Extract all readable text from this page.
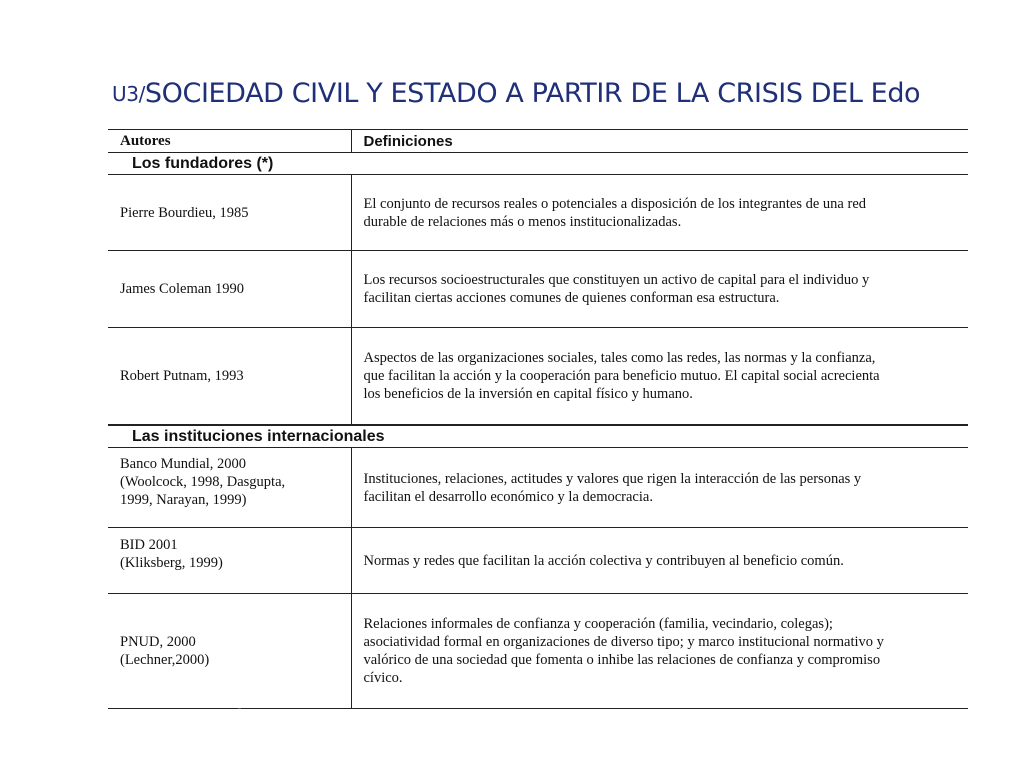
U3/SOCIEDAD CIVIL Y ESTADO A PARTIR DE LA CRISIS DEL Edo
Autores	Definiciones
Los fundadores (*)	
Pierre Bourdieu, 1985	El conjunto de recursos reales o potenciales a disposición de los integrantes de una red
durable de relaciones más o menos institucionalizadas.
James Coleman 1990	Los recursos socioestructurales que constituyen un activo de capital para el individuo y
facilitan ciertas acciones comunes de quienes conforman esa estructura.
Robert Putnam, 1993	Aspectos de las organizaciones sociales, tales como las redes, las normas y la confianza,
que facilitan la acción y la cooperación para beneficio mutuo. El capital social acrecienta
los beneficios de la inversión en capital físico y humano.
Las instituciones internacionales	
Banco Mundial, 2000
(Woolcock, 1998, Dasgupta,
1999, Narayan, 1999)	Instituciones, relaciones, actitudes y valores que rigen la interacción de las personas y
facilitan el desarrollo económico y la democracia.
BID 2001
(Kliksberg, 1999)	Normas y redes que facilitan la acción colectiva y contribuyen al beneficio común.
PNUD, 2000
(Lechner,2000)	Relaciones informales de confianza y cooperación (familia, vecindario, colegas);
asociatividad formal en organizaciones de diverso tipo; y marco institucional normativo y
valórico de una sociedad que fomenta o inhibe las relaciones de confianza y compromiso
cívico.
